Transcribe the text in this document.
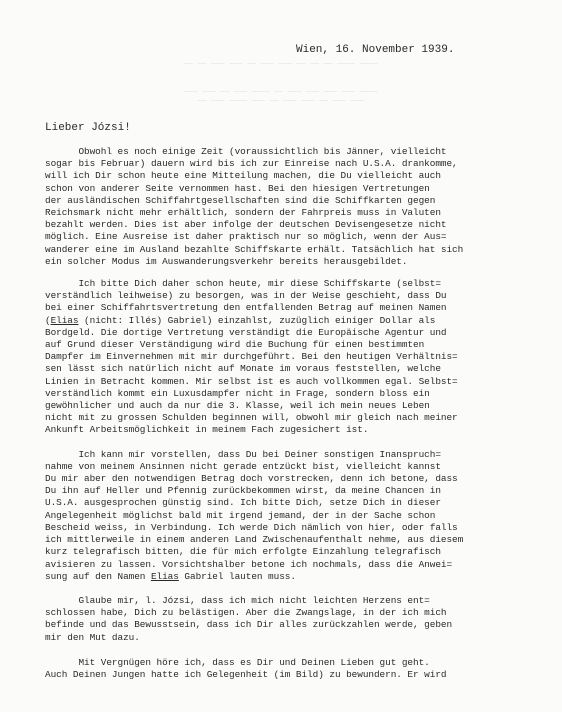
—— —— ——— ——— —— ——— ——— —— —— —— ———— ————
——— ——— —— ——— ———— —— ——— ——— ——— ——— ————
—— ——— ———— ——— —— ——— ——— —— ——— ———
Wien, 16. November 1939.
Lieber Józsi!
Obwohl es noch einige Zeit (voraussichtlich bis Jänner, vielleicht
sogar bis Februar) dauern wird bis ich zur Einreise nach U.S.A. drankomme,
will ich Dir schon heute eine Mitteilung machen, die Du vielleicht auch
schon von anderer Seite vernommen hast. Bei den hiesigen Vertretungen
der ausländischen Schiffahrtgesellschaften sind die Schiffkarten gegen
Reichsmark nicht mehr erhältlich, sondern der Fahrpreis muss in Valuten
bezahlt werden. Dies ist aber infolge der deutschen Devisengesetze nicht
möglich. Eine Ausreise ist daher praktisch nur so möglich, wenn der Aus=
wanderer eine im Ausland bezahlte Schiffskarte erhält. Tatsächlich hat sich
ein solcher Modus im Auswanderungsverkehr bereits herausgebildet.
Ich bitte Dich daher schon heute, mir diese Schiffskarte (selbst=
verständlich leihweise) zu besorgen, was in der Weise geschieht, dass Du
bei einer Schiffahrtsvertretung den entfallenden Betrag auf meinen Namen
(Elias (nicht: Illés) Gabriel) einzahlst, zuzüglich einiger Dollar als
Bordgeld. Die dortige Vertretung verständigt die Europäische Agentur und
auf Grund dieser Verständigung wird die Buchung für einen bestimmten
Dampfer im Einvernehmen mit mir durchgeführt. Bei den heutigen Verhältnis=
sen lässt sich natürlich nicht auf Monate im voraus feststellen, welche
Linien in Betracht kommen. Mir selbst ist es auch vollkommen egal. Selbst=
verständlich kommt ein Luxusdampfer nicht in Frage, sondern bloss ein
gewöhnlicher und auch da nur die 3. Klasse, weil ich mein neues Leben
nicht mit zu grossen Schulden beginnen will, obwohl mir gleich nach meiner
Ankunft Arbeitsmöglichkeit in meinem Fach zugesichert ist.
Ich kann mir vorstellen, dass Du bei Deiner sonstigen Inanspruch=
nahme von meinem Ansinnen nicht gerade entzückt bist, vielleicht kannst
Du mir aber den notwendigen Betrag doch vorstrecken, denn ich betone, dass
Du ihn auf Heller und Pfennig zurückbekommen wirst, da meine Chancen in
U.S.A. ausgesprochen günstig sind. Ich bitte Dich, setze Dich in dieser
Angelegenheit möglichst bald mit irgend jemand, der in der Sache schon
Bescheid weiss, in Verbindung. Ich werde Dich nämlich von hier, oder falls
ich mittlerweile in einem anderen Land Zwischenaufenthalt nehme, aus diesem
kurz telegrafisch bitten, die für mich erfolgte Einzahlung telegrafisch
avisieren zu lassen. Vorsichtshalber betone ich nochmals, dass die Anwei=
sung auf den Namen Elias Gabriel lauten muss.
Glaube mir, l. Józsi, dass ich mich nicht leichten Herzens ent=
schlossen habe, Dich zu belästigen. Aber die Zwangslage, in der ich mich
befinde und das Bewusstsein, dass ich Dir alles zurückzahlen werde, geben
mir den Mut dazu.
Mit Vergnügen höre ich, dass es Dir und Deinen Lieben gut geht.
Auch Deinen Jungen hatte ich Gelegenheit (im Bild) zu bewundern. Er wird
